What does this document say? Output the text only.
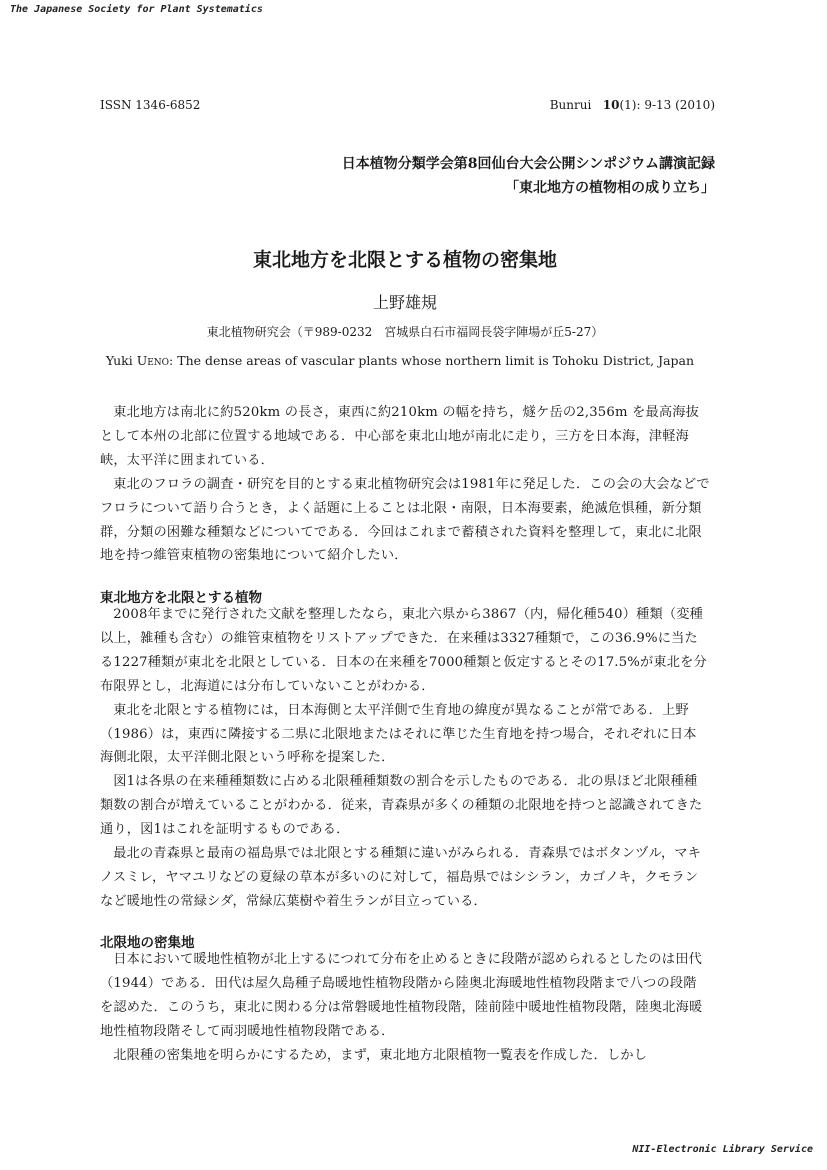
The Japanese Society for Plant Systematics
ISSN 1346-6852	Bunrui 10(1): 9-13 (2010)
日本植物分類学会第8回仙台大会公開シンポジウム講演記録
「東北地方の植物相の成り立ち」
東北地方を北限とする植物の密集地
上野雄規
東北植物研究会（〒989-0232　宮城県白石市福岡長袋字陣場が丘5-27）
Yuki Ueno: The dense areas of vascular plants whose northern limit is Tohoku District, Japan

東北地方は南北に約520km の長さ，東西に約210km の幅を持ち，燧ケ岳の2,356m を最高海抜として本州の北部に位置する地域である．中心部を東北山地が南北に走り，三方を日本海，津軽海峡，太平洋に囲まれている．

東北のフロラの調査・研究を目的とする東北植物研究会は1981年に発足した．この会の大会などでフロラについて語り合うとき，よく話題に上ることは北限・南限，日本海要素，絶滅危惧種，新分類群，分類の困難な種類などについてである．今回はこれまで蓄積された資料を整理して，東北に北限地を持つ維管束植物の密集地について紹介したい．

東北地方を北限とする植物

2008年までに発行された文献を整理したなら，東北六県から3867（内，帰化種540）種類（変種以上，雑種も含む）の維管束植物をリストアップできた．在来種は3327種類で，この36.9%に当たる1227種類が東北を北限としている．日本の在来種を7000種類と仮定するとその17.5%が東北を分布限界とし，北海道には分布していないことがわかる．

東北を北限とする植物には，日本海側と太平洋側で生育地の緯度が異なることが常である．上野（1986）は，東西に隣接する二県に北限地またはそれに準じた生育地を持つ場合，それぞれに日本海側北限，太平洋側北限という呼称を提案した．

図1は各県の在来種種類数に占める北限種種類数の割合を示したものである．北の県ほど北限種種類数の割合が増えていることがわかる．従来，青森県が多くの種類の北限地を持つと認識されてきた通り，図1はこれを証明するものである．

最北の青森県と最南の福島県では北限とする種類に違いがみられる．青森県ではボタンヅル，マキノスミレ，ヤマユリなどの夏緑の草本が多いのに対して，福島県ではシシラン，カゴノキ，クモランなど暖地性の常緑シダ，常緑広葉樹や着生ランが目立っている．

北限地の密集地

日本において暖地性植物が北上するにつれて分布を止めるときに段階が認められるとしたのは田代（1944）である．田代は屋久島種子島暖地性植物段階から陸奥北海暖地性植物段階まで八つの段階を認めた．このうち，東北に関わる分は常磐暖地性植物段階，陸前陸中暖地性植物段階，陸奥北海暖地性植物段階そして両羽暖地性植物段階である．

北限種の密集地を明らかにするため，まず，東北地方北限植物一覧表を作成した．しかし

NII-Electronic Library Service
